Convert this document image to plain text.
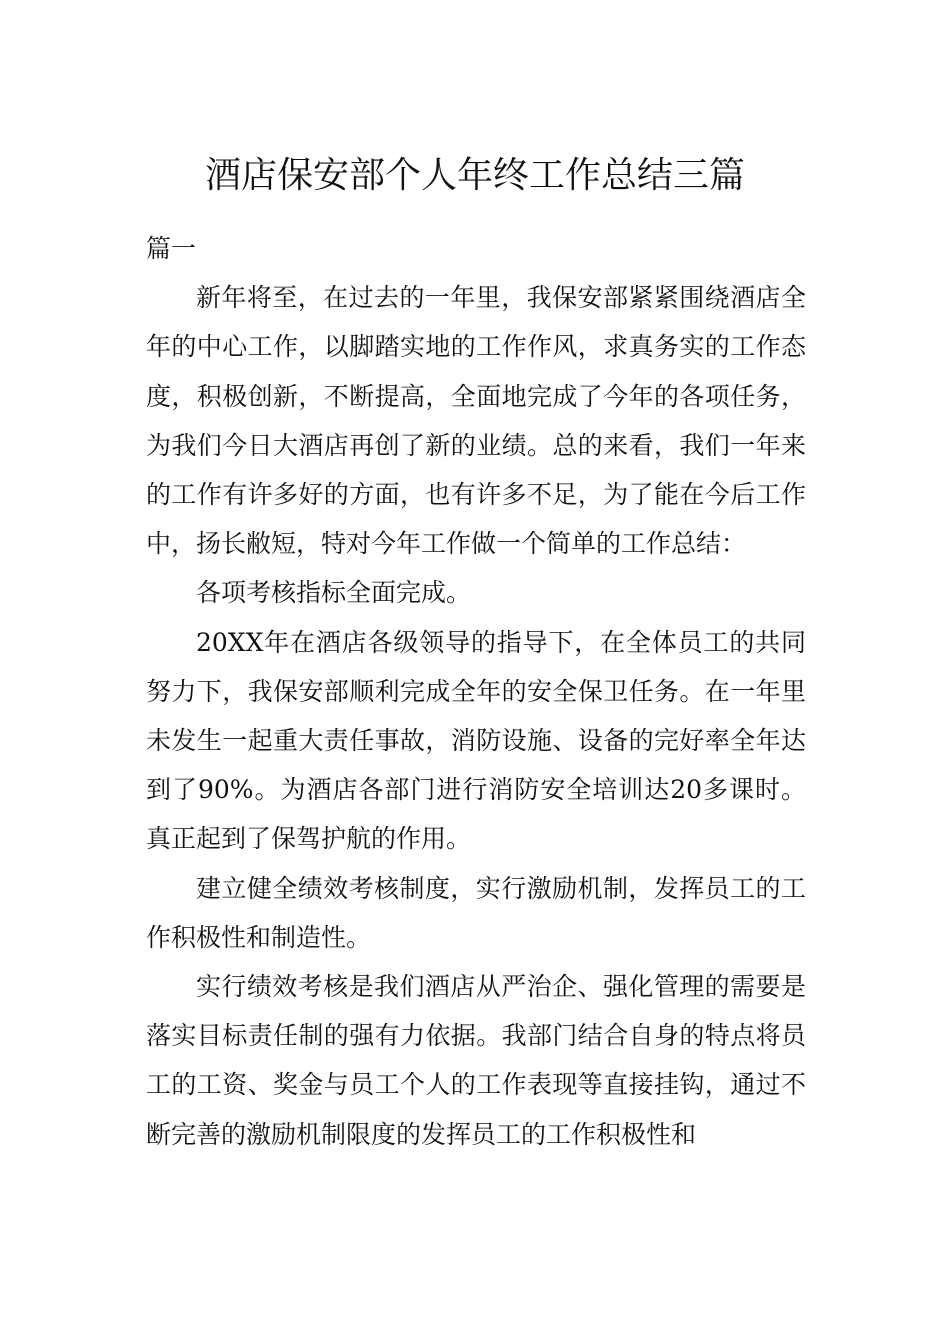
酒店保安部个人年终工作总结三篇

篇一

新年将至，在过去的一年里，我保安部紧紧围绕酒店全年的中心工作，以脚踏实地的工作作风，求真务实的工作态度，积极创新，不断提高，全面地完成了今年的各项任务，为我们今日大酒店再创了新的业绩。总的来看，我们一年来的工作有许多好的方面，也有许多不足，为了能在今后工作中，扬长敝短，特对今年工作做一个简单的工作总结：

各项考核指标全面完成。

20XX年在酒店各级领导的指导下，在全体员工的共同努力下，我保安部顺利完成全年的安全保卫任务。在一年里未发生一起重大责任事故，消防设施、设备的完好率全年达到了90%。为酒店各部门进行消防安全培训达20多课时。真正起到了保驾护航的作用。

建立健全绩效考核制度，实行激励机制，发挥员工的工作积极性和制造性。

实行绩效考核是我们酒店从严治企、强化管理的需要是落实目标责任制的强有力依据。我部门结合自身的特点将员工的工资、奖金与员工个人的工作表现等直接挂钩，通过不断完善的激励机制限度的发挥员工的工作积极性和
